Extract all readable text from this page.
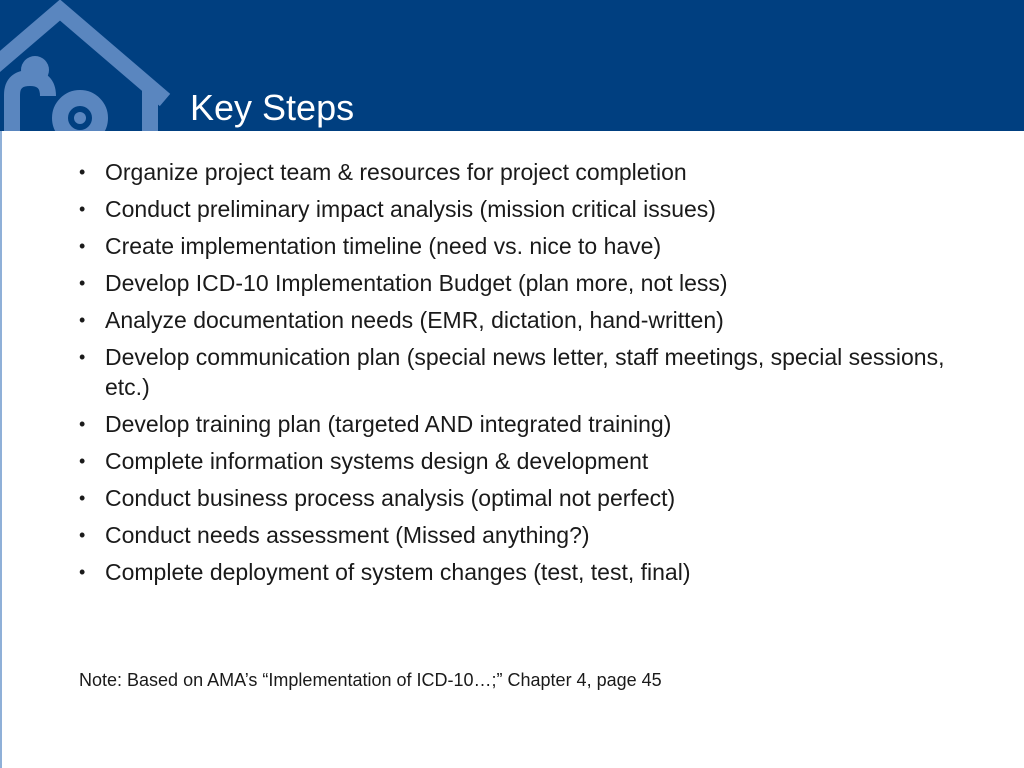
Key Steps
• Organize project team & resources for project completion
• Conduct preliminary impact analysis (mission critical issues)
• Create implementation timeline (need vs. nice to have)
• Develop ICD-10 Implementation Budget (plan more, not less)
• Analyze documentation needs (EMR, dictation, hand-written)
• Develop communication plan (special news letter, staff meetings, special sessions, etc.)
• Develop training plan (targeted AND integrated training)
• Complete information systems design & development
• Conduct business process analysis (optimal not perfect)
• Conduct needs assessment (Missed anything?)
• Complete deployment of system changes (test, test, final)

Note: Based on AMA’s “Implementation of ICD-10…;” Chapter 4, page 45
